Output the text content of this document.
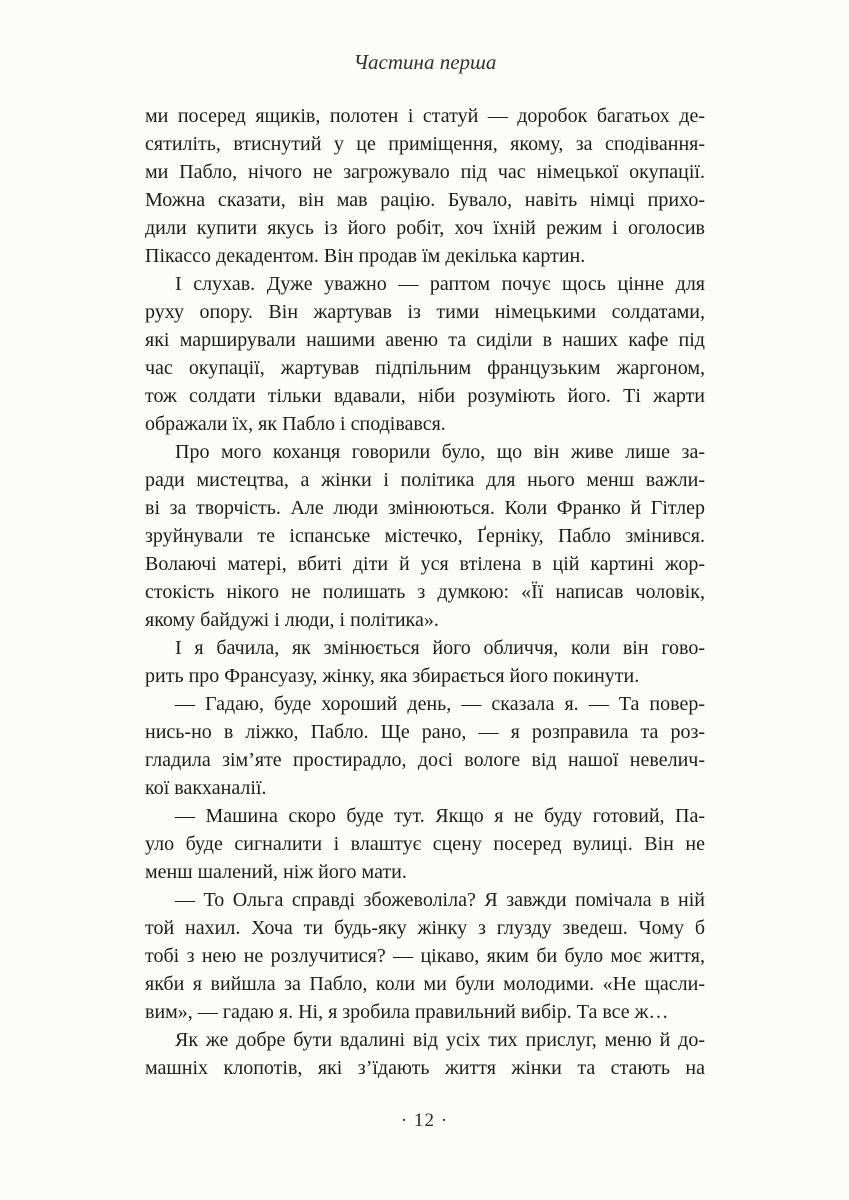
Частина перша
ми посеред ящиків, полотен і статуй — доробок багатьох де-
сятиліть, втиснутий у це приміщення, якому, за сподівання-
ми Пабло, нічого не загрожувало під час німецької окупації.
Можна сказати, він мав рацію. Бувало, навіть німці прихо-
дили купити якусь із його робіт, хоч їхній режим і оголосив
Пікассо декадентом. Він продав їм декілька картин.
І слухав. Дуже уважно — раптом почує щось цінне для
руху опору. Він жартував із тими німецькими солдатами,
які марширували нашими авеню та сиділи в наших кафе під
час окупації, жартував підпільним французьким жаргоном,
тож солдати тільки вдавали, ніби розуміють його. Ті жарти
ображали їх, як Пабло і сподівався.
Про мого коханця говорили було, що він живе лише за-
ради мистецтва, а жінки і політика для нього менш важли-
ві за творчість. Але люди змінюються. Коли Франко й Гітлер
зруйнували те іспанське містечко, Ґерніку, Пабло змінився.
Волаючі матері, вбиті діти й уся втілена в цій картині жор-
стокість нікого не полишать з думкою: «Її написав чоловік,
якому байдужі і люди, і політика».
І я бачила, як змінюється його обличчя, коли він гово-
рить про Франсуазу, жінку, яка збирається його покинути.
— Гадаю, буде хороший день, — сказала я. — Та повер-
нись-но в ліжко, Пабло. Ще рано, — я розправила та роз-
гладила зім’яте простирадло, досі вологе від нашої невелич-
кої вакханалії.
— Машина скоро буде тут. Якщо я не буду готовий, Па-
уло буде сигналити і влаштує сцену посеред вулиці. Він не
менш шалений, ніж його мати.
— То Ольга справді збожеволіла? Я завжди помічала в ній
той нахил. Хоча ти будь-яку жінку з глузду зведеш. Чому б
тобі з нею не розлучитися? — цікаво, яким би було моє життя,
якби я вийшла за Пабло, коли ми були молодими. «Не щасли-
вим», — гадаю я. Ні, я зробила правильний вибір. Та все ж…
Як же добре бути вдалині від усіх тих прислуг, меню й до-
машніх клопотів, які з’їдають життя жінки та стають на
· 12 ·
